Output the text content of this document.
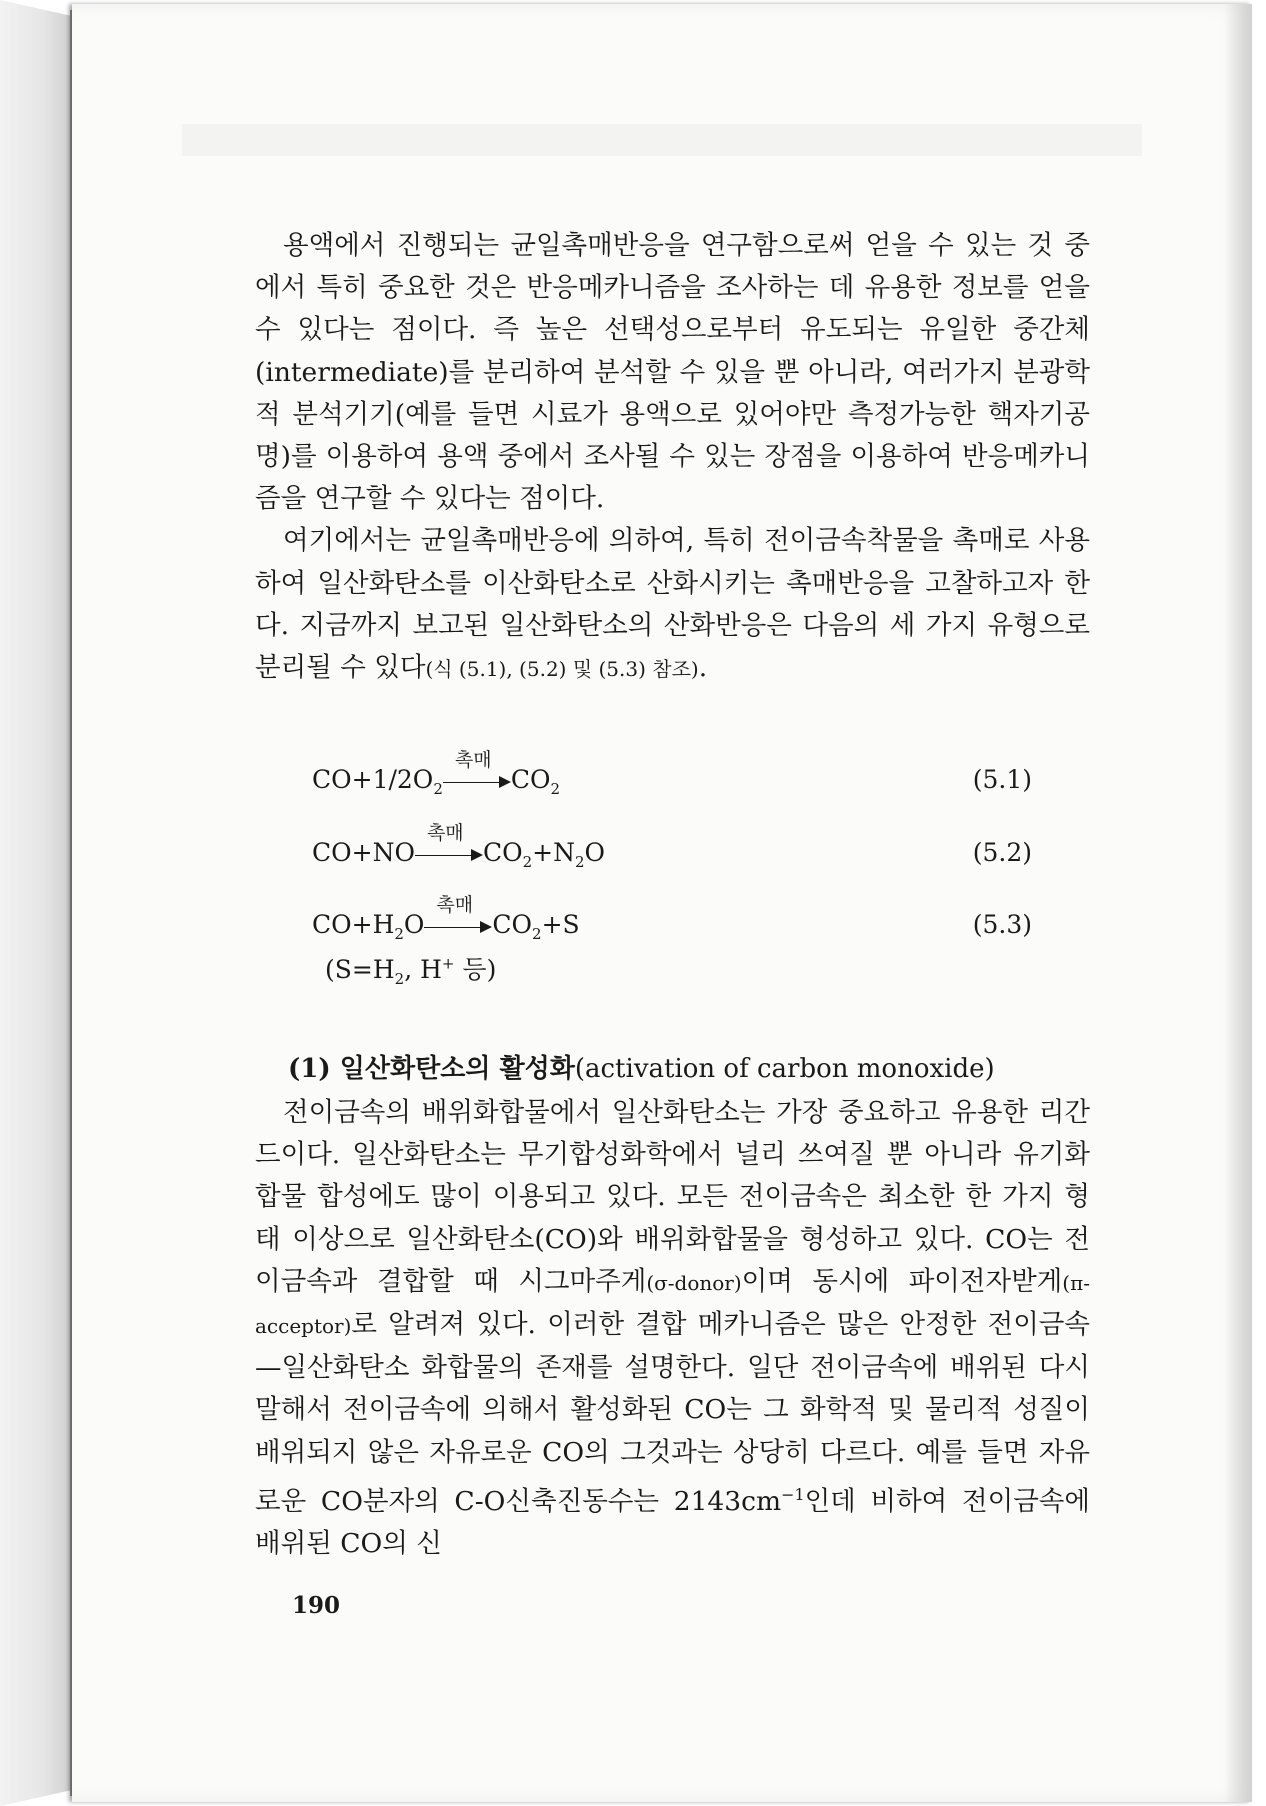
용액에서 진행되는 균일촉매반응을 연구함으로써 얻을 수 있는 것 중에서 특히 중요한 것은 반응메카니즘을 조사하는 데 유용한 정보를 얻을 수 있다는 점이다. 즉 높은 선택성으로부터 유도되는 유일한 중간체(intermediate)를 분리하여 분석할 수 있을 뿐 아니라, 여러가지 분광학적 분석기기(예를 들면 시료가 용액으로 있어야만 측정가능한 핵자기공명)를 이용하여 용액 중에서 조사될 수 있는 장점을 이용하여 반응메카니즘을 연구할 수 있다는 점이다.

여기에서는 균일촉매반응에 의하여, 특히 전이금속착물을 촉매로 사용하여 일산화탄소를 이산화탄소로 산화시키는 촉매반응을 고찰하고자 한다. 지금까지 보고된 일산화탄소의 산화반응은 다음의 세 가지 유형으로 분리될 수 있다(식 (5.1), (5.2) 및 (5.3) 참조).

$CO+1/2O_2$
촉매
$CO_2$	(5.1)
CO+NO
촉매
$CO_2+N_2O$	(5.2)
$CO+H_2O$
촉매
$CO_2+S$	(5.3)
($S=H_2$, H+ 등)
(1) 일산화탄소의 활성화(activation of carbon monoxide)

전이금속의 배위화합물에서 일산화탄소는 가장 중요하고 유용한 리간드이다. 일산화탄소는 무기합성화학에서 널리 쓰여질 뿐 아니라 유기화합물 합성에도 많이 이용되고 있다. 모든 전이금속은 최소한 한 가지 형태 이상으로 일산화탄소(CO)와 배위화합물을 형성하고 있다. CO는 전이금속과 결합할 때 시그마주게(σ-donor)이며 동시에 파이전자받게(π-acceptor)로 알려져 있다. 이러한 결합 메카니즘은 많은 안정한 전이금속—일산화탄소 화합물의 존재를 설명한다. 일단 전이금속에 배위된 다시 말해서 전이금속에 의해서 활성화된 CO는 그 화학적 및 물리적 성질이 배위되지 않은 자유로운 CO의 그것과는 상당히 다르다. 예를 들면 자유로운 CO분자의 C-O신축진동수는 $2143cm^{-1}$인데 비하여 전이금속에 배위된 CO의 신

190
